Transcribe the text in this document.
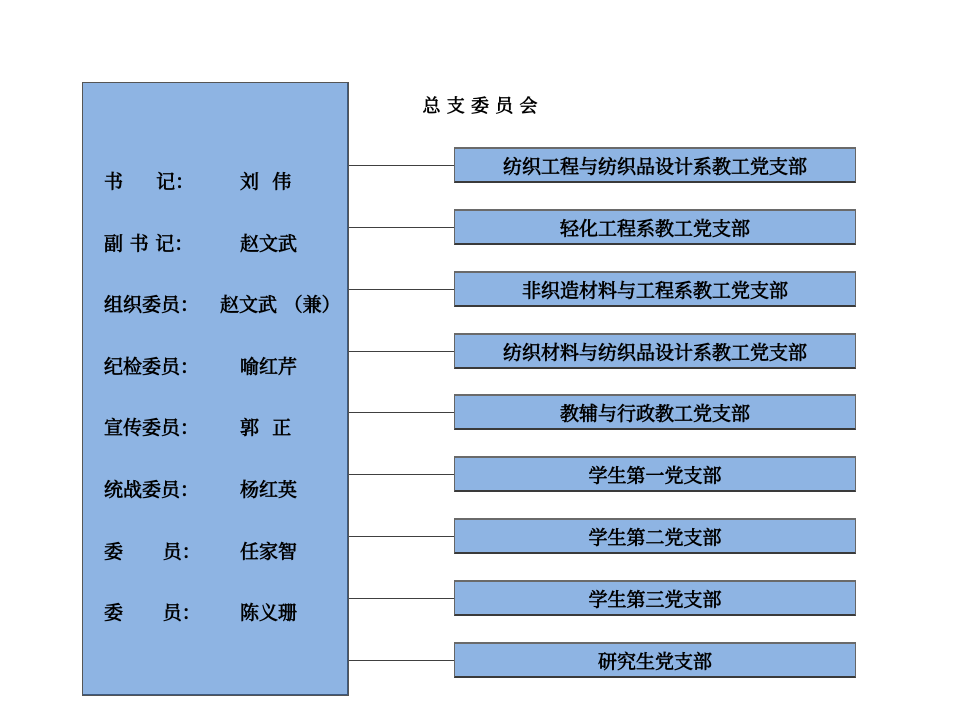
总 支 委 员 会
书     记： 刘  伟
副 书 记： 赵文武
组织委员： 赵文武 （兼）
纪检委员： 喻红芹
宣传委员： 郭  正
统战委员： 杨红英
委      员： 任家智
委      员： 陈义珊
纺织工程与纺织品设计系教工党支部
轻化工程系教工党支部
非织造材料与工程系教工党支部
纺织材料与纺织品设计系教工党支部
教辅与行政教工党支部
学生第一党支部
学生第二党支部
学生第三党支部
研究生党支部
